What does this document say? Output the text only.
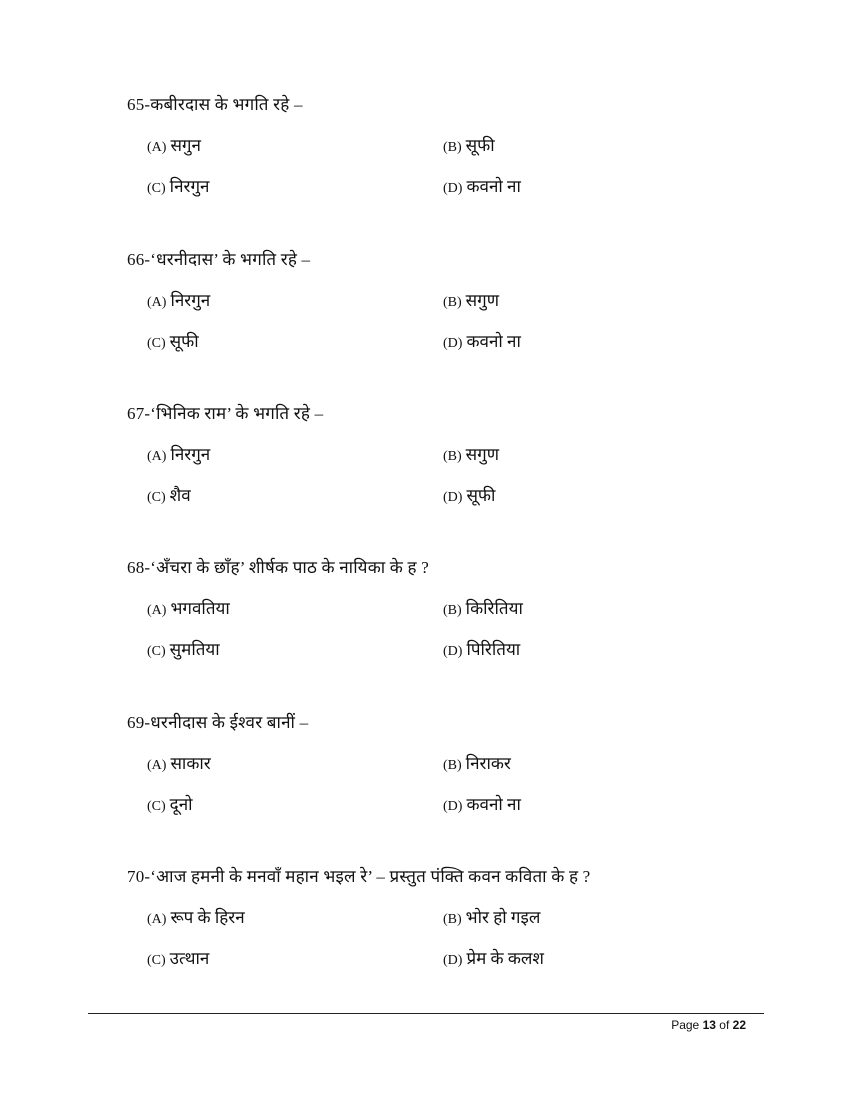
65-कबीरदास के भगति रहे –
(A) सगुन	(B) सूफी
(C) निरगुन	(D) कवनो ना
66-‘धरनीदास’ के भगति रहे –
(A) निरगुन	(B) सगुण
(C) सूफी	(D) कवनो ना
67-‘भिनिक राम’ के भगति रहे –
(A) निरगुन	(B) सगुण
(C) शैव	(D) सूफी
68-‘अँचरा के छाँह’ शीर्षक पाठ के नायिका के ह ?
(A) भगवतिया	(B) किरितिया
(C) सुमतिया	(D) पिरितिया
69-धरनीदास के ईश्वर बानीं –
(A) साकार	(B) निराकर
(C) दूनो	(D) कवनो ना
70-‘आज हमनी के मनवाँ महान भइल रे’ – प्रस्तुत पंक्ति कवन कविता के ह ?
(A) रूप के हिरन	(B) भोर हो गइल
(C) उत्थान	(D) प्रेम के कलश
Page 13 of 22
